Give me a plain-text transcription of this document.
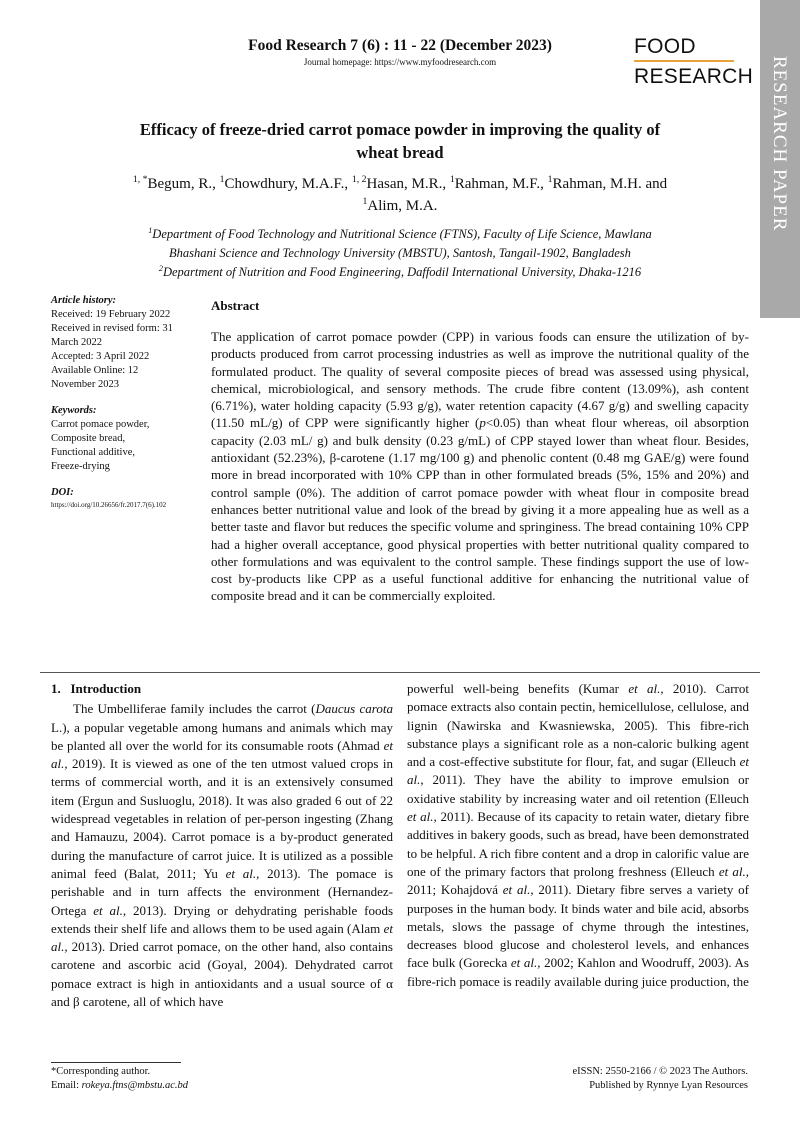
Food Research 7 (6) : 11 - 22 (December 2023)
Journal homepage: https://www.myfoodresearch.com
FOOD
RESEARCH RESEARCH PAPER
Efficacy of freeze-dried carrot pomace powder in improving the quality of
wheat bread
$^{1, *}$Begum, R., $^1$Chowdhury, M.A.F., $^{1, 2}$Hasan, M.R., $^1$Rahman, M.F., $^1$Rahman, M.H. and
$^1$Alim, M.A.
$^1$Department of Food Technology and Nutritional Science (FTNS), Faculty of Life Science, Mawlana
Bhashani Science and Technology University (MBSTU), Santosh, Tangail-1902, Bangladesh
$^2$Department of Nutrition and Food Engineering, Daffodil International University, Dhaka-1216
Article history:
Received: 19 February 2022
Received in revised form: 31
March 2022
Accepted: 3 April 2022
Available Online: 12
November 2023
Keywords:
Carrot pomace powder,
Composite bread,
Functional additive,
Freeze-drying
DOI:
https://doi.org/10.26656/fr.2017.7(6).102
Abstract
The application of carrot pomace powder (CPP) in various foods can ensure the utilization of by-products produced from carrot processing industries as well as improve the nutritional quality of the formulated product. The quality of several composite pieces of bread was assessed using physical, chemical, microbiological, and sensory methods. The crude fibre content (13.09%), ash content (6.71%), water holding capacity (5.93 g/g), water retention capacity (4.67 g/g) and swelling capacity (11.50 mL/g) of CPP were significantly higher (p<0.05) than wheat flour whereas, oil absorption capacity (2.03 mL/ g) and bulk density (0.23 g/mL) of CPP stayed lower than wheat flour. Besides, antioxidant (52.23%), β-carotene (1.17 mg/100 g) and phenolic content (0.48 mg GAE/g) were found more in bread incorporated with 10% CPP than in other formulated breads (5%, 15% and 20%) and control sample (0%). The addition of carrot pomace powder with wheat flour in composite bread enhances better nutritional value and look of the bread by giving it a more appealing hue as well as a better taste and flavor but reduces the specific volume and springiness. The bread containing 10% CPP had a higher overall acceptance, good physical properties with better nutritional quality compared to other formulations and was equivalent to the control sample. These findings support the use of low-cost by-products like CPP as a useful functional additive for enhancing the nutritional value of composite bread and it can be commercially exploited.
1.   Introduction

The Umbelliferae family includes the carrot (Daucus carota L.), a popular vegetable among humans and animals which may be planted all over the world for its consumable roots (Ahmad et al., 2019). It is viewed as one of the ten utmost valued crops in terms of commercial worth, and it is an extensively consumed item (Ergun and Susluoglu, 2018). It was also graded 6 out of 22 widespread vegetables in relation of per-person ingesting (Zhang and Hamauzu, 2004). Carrot pomace is a by-product generated during the manufacture of carrot juice. It is utilized as a possible animal feed (Balat, 2011; Yu et al., 2013). The pomace is perishable and in turn affects the environment (Hernandez-Ortega et al., 2013). Drying or dehydrating perishable foods extends their shelf life and allows them to be used again (Alam et al., 2013). Dried carrot pomace, on the other hand, also contains carotene and ascorbic acid (Goyal, 2004). Dehydrated carrot pomace extract is high in antioxidants and a usual source of α and β carotene, all of which have

powerful well-being benefits (Kumar et al., 2010). Carrot pomace extracts also contain pectin, hemicellulose, cellulose, and lignin (Nawirska and Kwasniewska, 2005). This fibre-rich substance plays a significant role as a non-caloric bulking agent and a cost-effective substitute for flour, fat, and sugar (Elleuch et al., 2011). They have the ability to improve emulsion or oxidative stability by increasing water and oil retention (Elleuch et al., 2011). Because of its capacity to retain water, dietary fibre additives in bakery goods, such as bread, have been demonstrated to be helpful. A rich fibre content and a drop in calorific value are one of the primary factors that prolong freshness (Elleuch et al., 2011; Kohajdová et al., 2011). Dietary fibre serves a variety of purposes in the human body. It binds water and bile acid, absorbs metals, slows the passage of chyme through the intestines, decreases blood glucose and cholesterol levels, and enhances face bulk (Gorecka et al., 2002; Kahlon and Woodruff, 2003). As fibre-rich pomace is readily available during juice production, the

*Corresponding author.
Email: rokeya.ftns@mbstu.ac.bd
eISSN: 2550-2166 / © 2023 The Authors.
Published by Rynnye Lyan Resources
